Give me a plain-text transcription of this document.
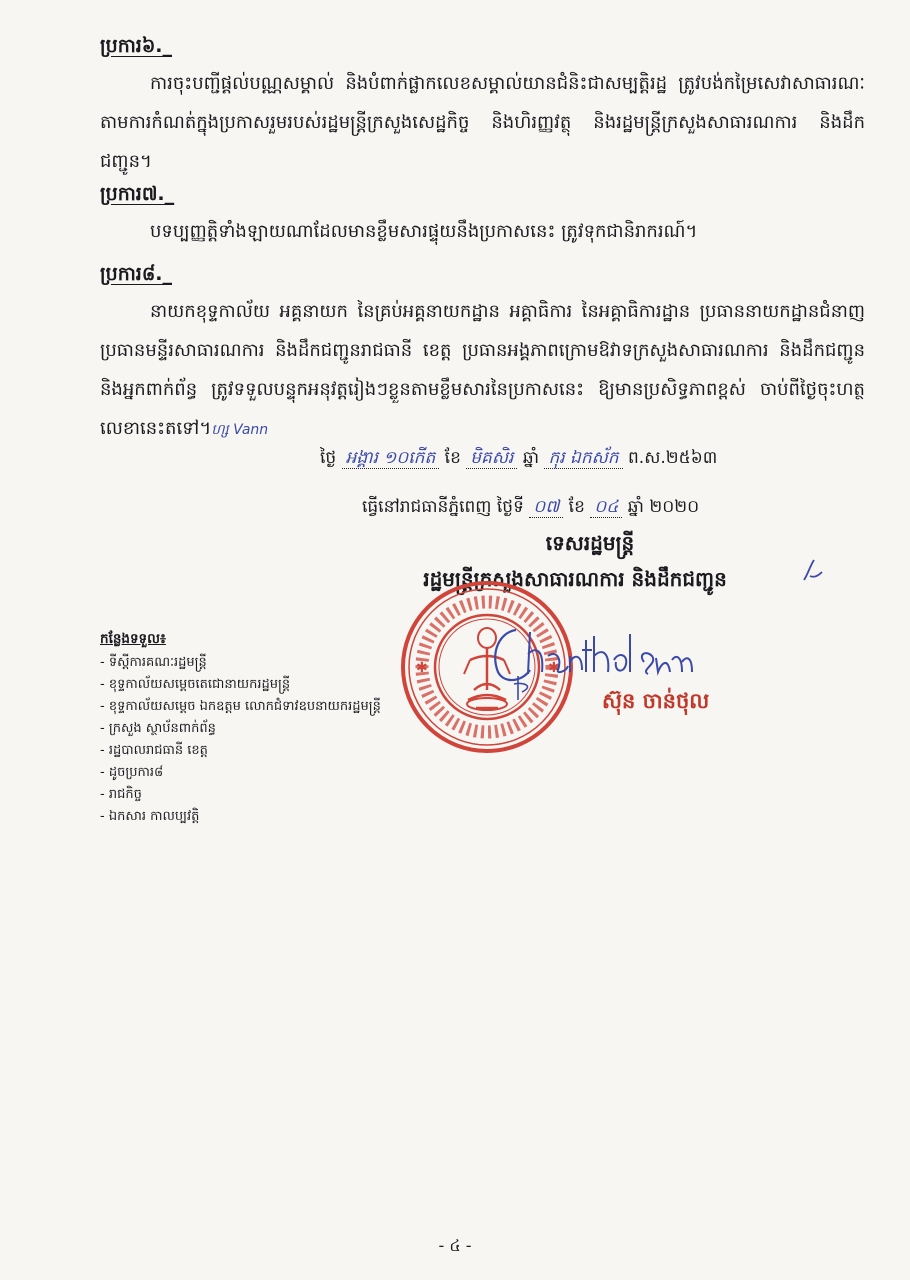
ប្រការ៦._

ការចុះបញ្ជីផ្តល់បណ្ណសម្គាល់ និងបំពាក់ផ្លាកលេខសម្គាល់យានជំនិះជាសម្បត្តិរដ្ឋ ត្រូវបង់កម្រៃសេវាសាធារណៈតាមការកំណត់ក្នុងប្រកាសរួមរបស់រដ្ឋមន្ត្រីក្រសួងសេដ្ឋកិច្ច និងហិរញ្ញវត្ថុ និងរដ្ឋមន្ត្រីក្រសួងសាធារណការ និងដឹកជញ្ជូន។

ប្រការ៧._

បទប្បញ្ញត្តិទាំងឡាយណាដែលមានខ្លឹមសារផ្ទុយនឹងប្រកាសនេះ ត្រូវទុកជានិរាករណ៍។

ប្រការ៨._

នាយកខុទ្ទកាល័យ អគ្គនាយក នៃគ្រប់អគ្គនាយកដ្ឋាន អគ្គាធិការ នៃអគ្គាធិការដ្ឋាន ប្រធាននាយកដ្ឋានជំនាញ ប្រធានមន្ទីរសាធារណការ និងដឹកជញ្ជូនរាជធានី ខេត្ត ប្រធានអង្គភាពក្រោមឱវាទក្រសួងសាធារណការ និងដឹកជញ្ជូន និងអ្នកពាក់ព័ន្ធ ត្រូវទទួលបន្ទុកអនុវត្តរៀងៗខ្លួនតាមខ្លឹមសារនៃប្រកាសនេះ ឱ្យមានប្រសិទ្ធភាពខ្ពស់ ចាប់ពីថ្ងៃចុះហត្ថលេខានេះតទៅ។ហ្ស Vann

ថ្ងៃ អង្គារ ១០កើត ខែ មិគសិរ ឆ្នាំ កុរ ឯកស័ក ព.ស.២៥៦៣
ធ្វើនៅរាជធានីភ្នំពេញ ថ្ងៃទី ០៧ ខែ ០៤ ឆ្នាំ ២០២០
ទេសរដ្ឋមន្ត្រី
រដ្ឋមន្ត្រីក្រសួងសាធារណការ និងដឹកជញ្ជូន
✱	✱
ស៊ុន ចាន់ថុល
កន្លែងទទួល៖
- ទីស្តីការគណៈរដ្ឋមន្ត្រី
- ខុទ្ទកាល័យសម្តេចតេជោនាយករដ្ឋមន្ត្រី
- ខុទ្ទកាល័យសម្តេច ឯកឧត្តម លោកជំទាវឧបនាយករដ្ឋមន្ត្រី
- ក្រសួង ស្ថាប័នពាក់ព័ន្ធ
- រដ្ឋបាលរាជធានី ខេត្ត
- ដូចប្រការ៨
- រាជកិច្ច
- ឯកសារ កាលប្បវត្តិ
- ៤ -
